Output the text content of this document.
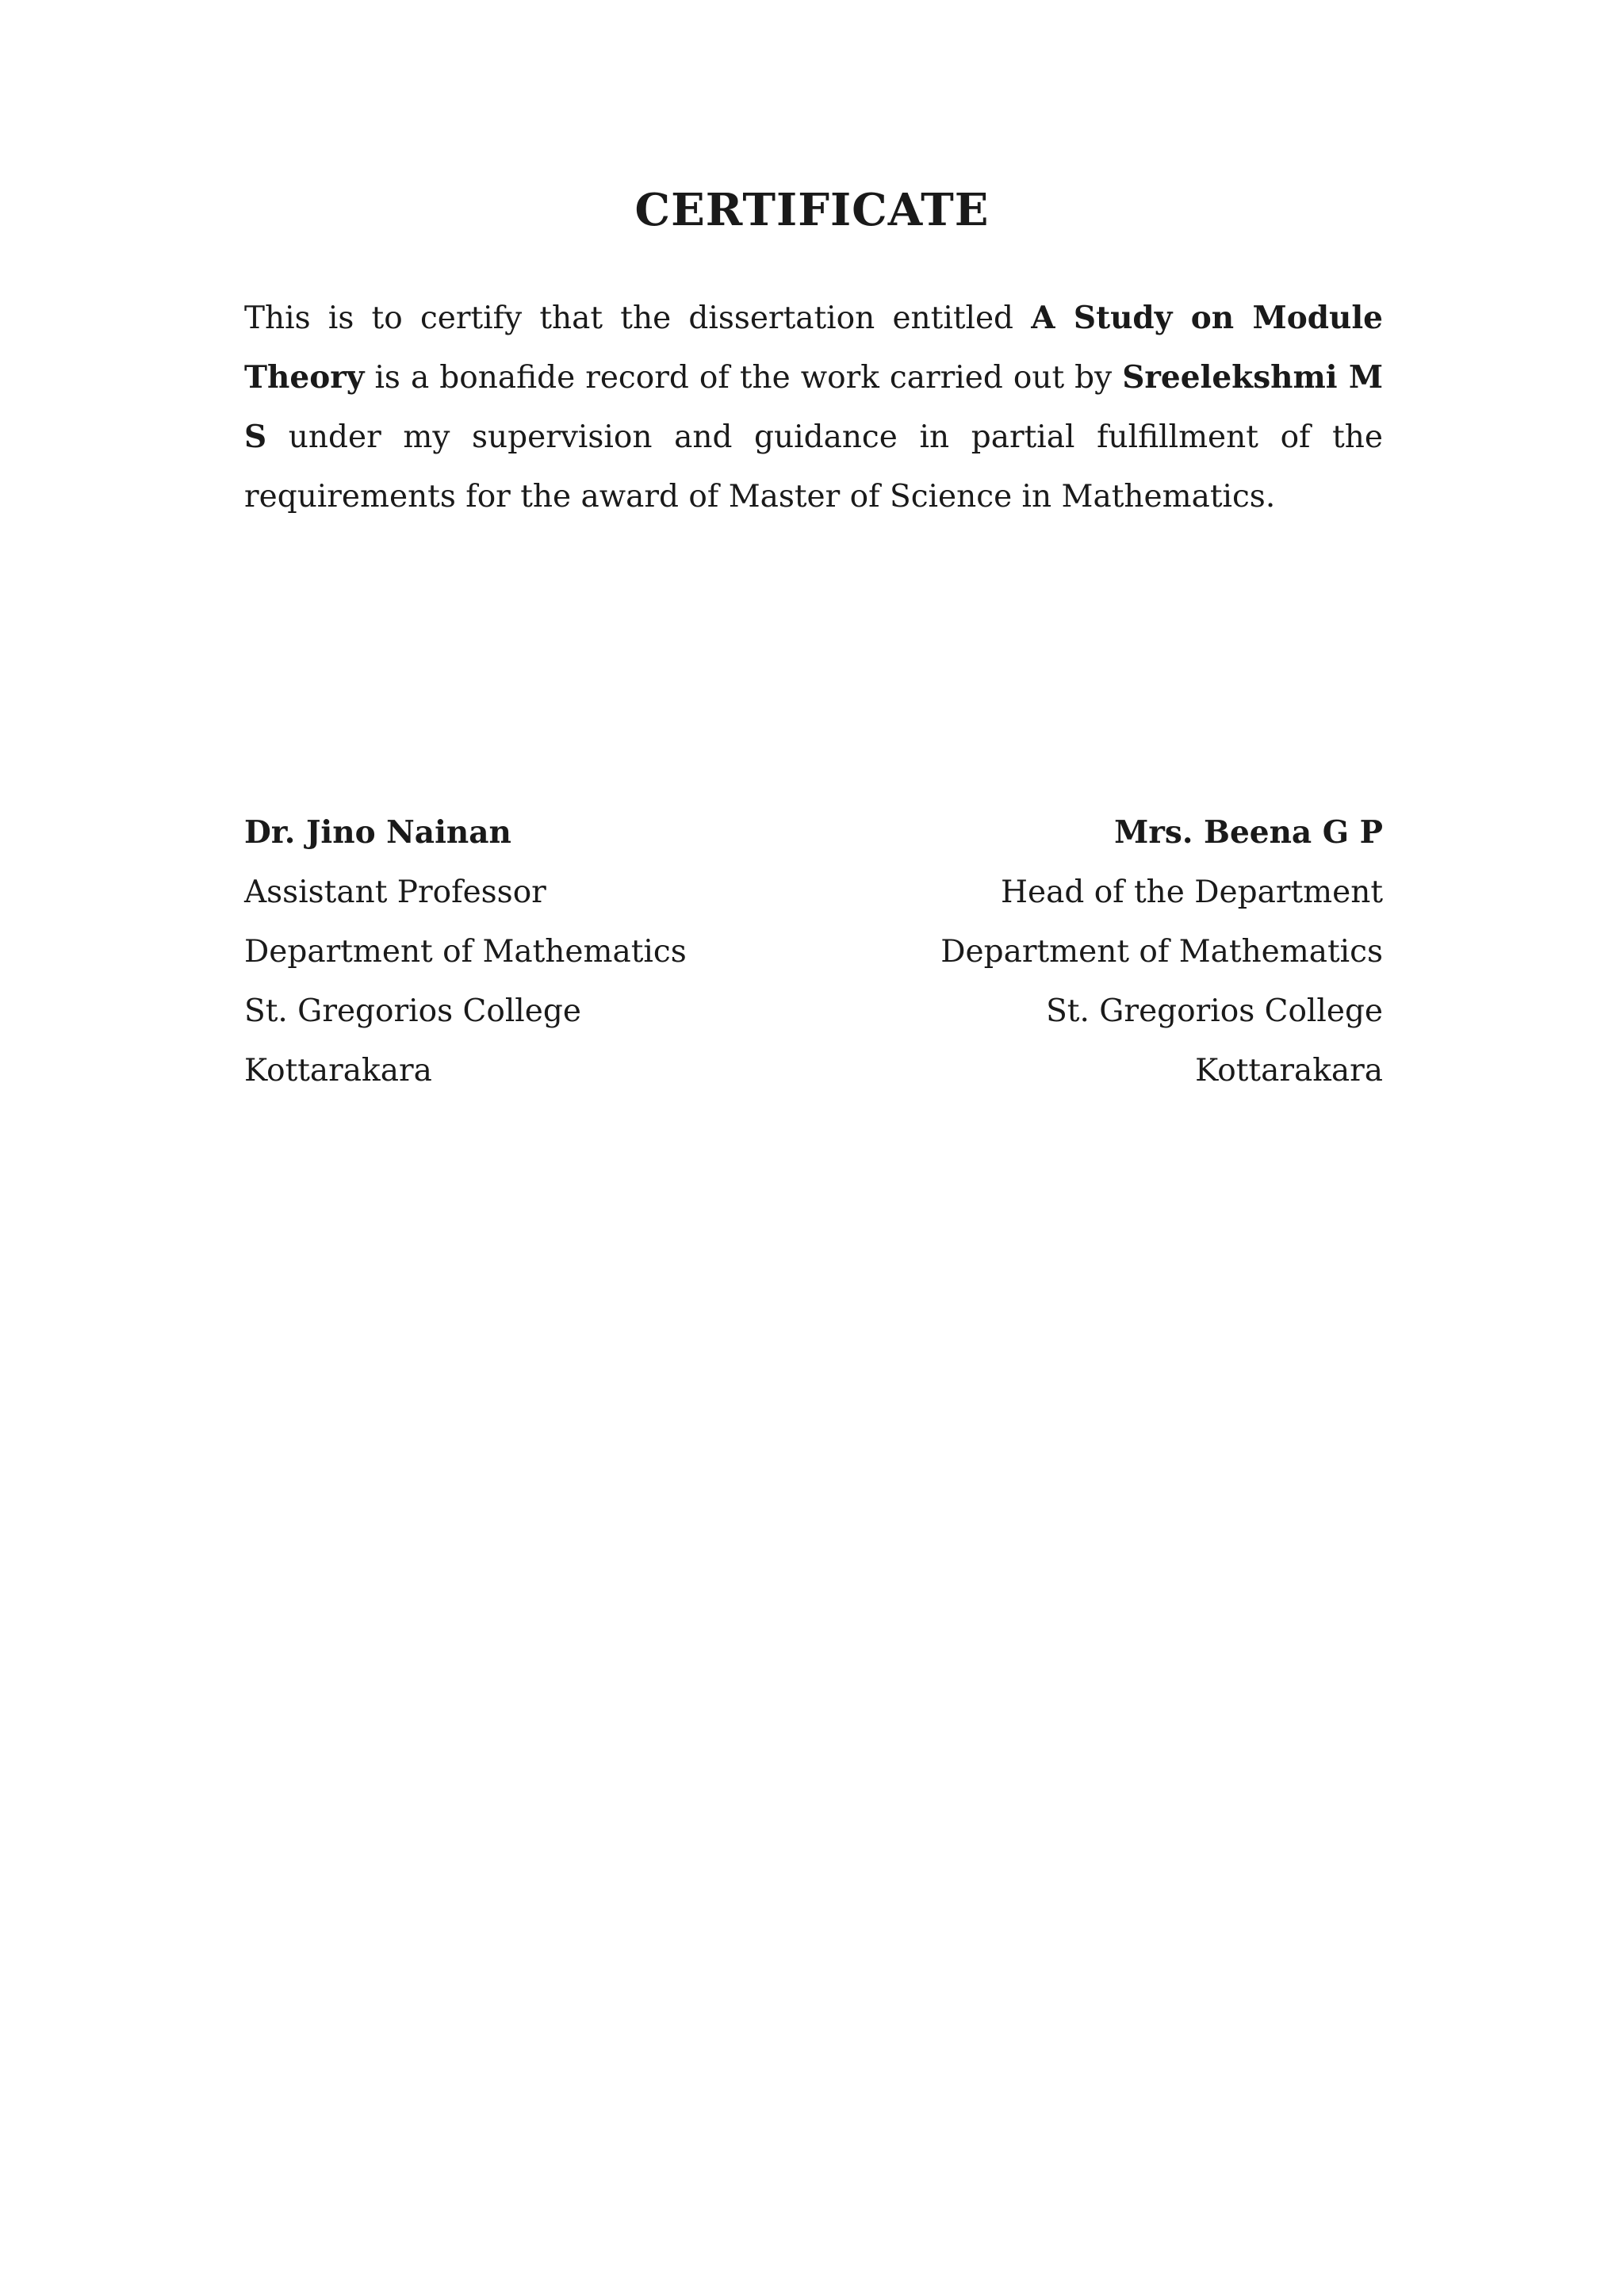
CERTIFICATE

This is to certify that the dissertation entitled A Study on Module Theory is a bonafide record of the work carried out by Sreelekshmi M S under my supervision and guidance in partial fulfillment of the requirements for the award of Master of Science in Mathematics.

Dr. Jino Nainan
Assistant Professor
Department of Mathematics
St. Gregorios College
Kottarakara
Mrs. Beena G P
Head of the Department
Department of Mathematics
St. Gregorios College
Kottarakara
